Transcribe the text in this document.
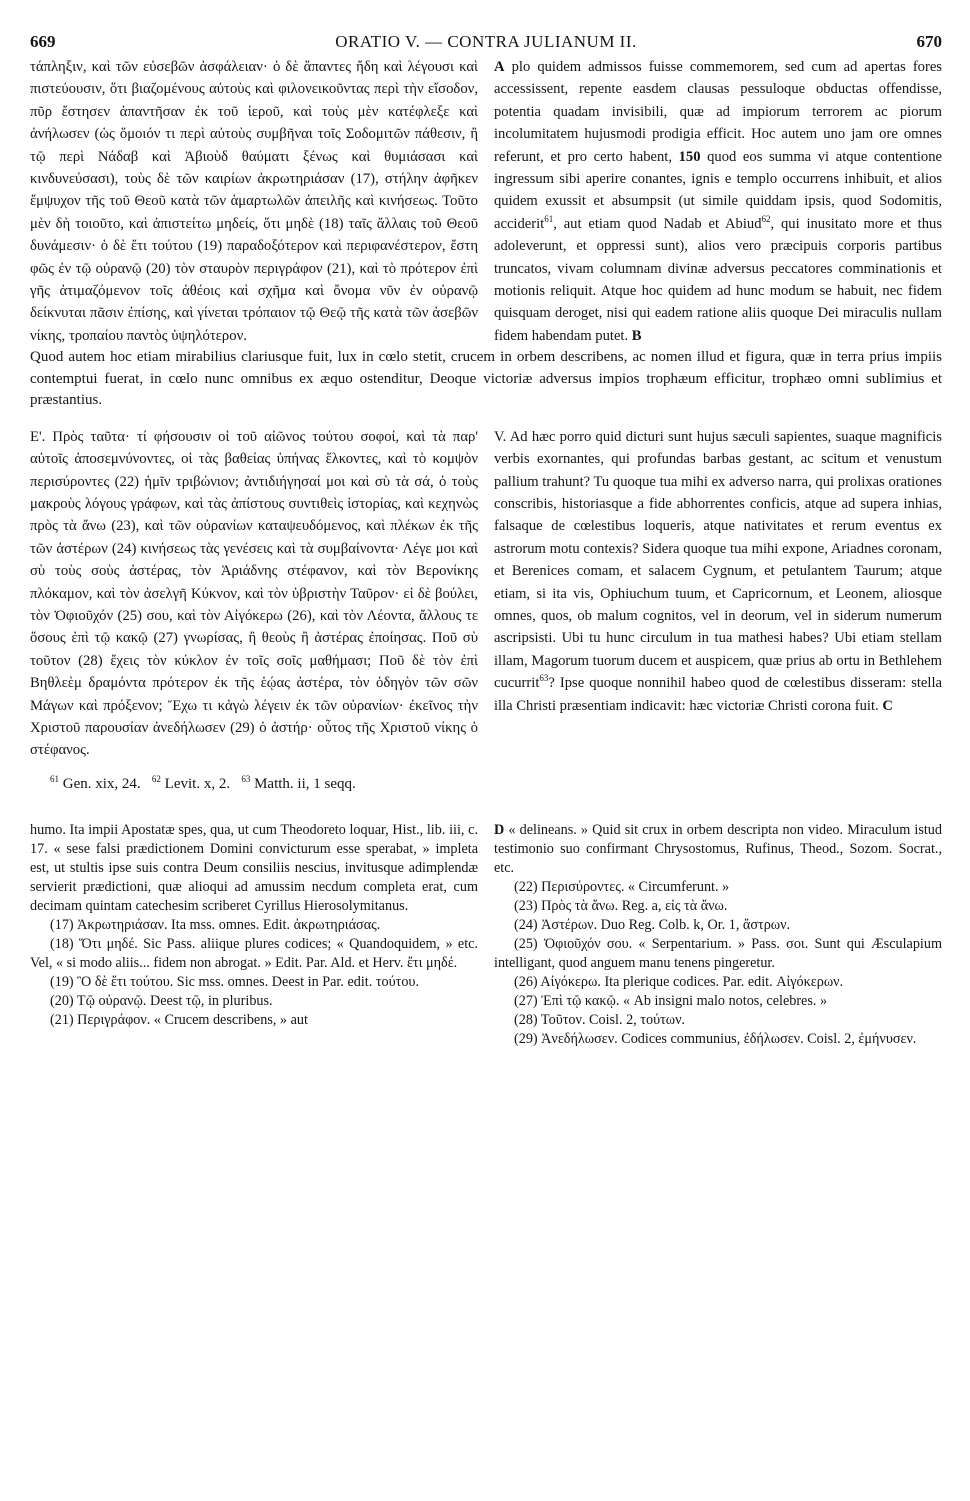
669	ORATIO V. — CONTRA JULIANUM II.	670
τάπληξιν, καὶ τῶν εὐσεβῶν ἀσφάλειαν· ὁ δὲ ἅπαντες ἤδη καὶ λέγουσι καὶ πιστεύουσιν, ὅτι βιαζομένους αὐτοὺς καὶ φιλονεικοῦντας περὶ τὴν εἴσοδον, πῦρ ἔστησεν ἀπαντῆσαν ἐκ τοῦ ἱεροῦ, καὶ τοὺς μὲν κατέφλεξε καὶ ἀνήλωσεν (ὡς ὅμοιόν τι περὶ αὐτοὺς συμβῆναι τοῖς Σοδομιτῶν πάθεσιν, ἢ τῷ περὶ Νάδαβ καὶ Ἀβιοὺδ θαύματι ξένως καὶ θυμιάσασι καὶ κινδυνεύσασι), τοὺς δὲ τῶν καιρίων ἀκρωτηριάσαν (17), στήλην ἀφῆκεν ἔμψυχον τῆς τοῦ Θεοῦ κατὰ τῶν ἁμαρτωλῶν ἀπειλῆς καὶ κινήσεως. Τοῦτο μὲν δὴ τοιοῦτο, καὶ ἀπιστείτω μηδείς, ὅτι μηδὲ (18) ταῖς ἄλλαις τοῦ Θεοῦ δυνάμεσιν· ὁ δὲ ἔτι τούτου (19) παραδοξότερον καὶ περιφανέστερον, ἔστη φῶς ἐν τῷ οὐρανῷ (20) τὸν σταυρὸν περιγράφον (21), καὶ τὸ πρότερον ἐπὶ γῆς ἀτιμαζόμενον τοῖς ἀθέοις καὶ σχῆμα καὶ ὄνομα νῦν ἐν οὐρανῷ δείκνυται πᾶσιν ἐπίσης, καὶ γίνεται τρόπαιον τῷ Θεῷ τῆς κατὰ τῶν ἀσεβῶν νίκης, τροπαίου παντὸς ὑψηλότερον.
A plo quidem admissos fuisse commemorem, sed cum ad apertas fores accessissent, repente easdem clausas pessuloque obductas offendisse, potentia quadam invisibili, quæ ad impiorum terrorem ac piorum incolumitatem hujusmodi prodigia efficit. Hoc autem uno jam ore omnes referunt, et pro certo habent, 150 quod eos summa vi atque contentione ingressum sibi aperire conantes, ignis e templo occurrens inhibuit, et alios quidem exussit et absumpsit (ut simile quiddam ipsis, quod Sodomitis, acciderit$^{61}$, aut etiam quod Nadab et Abiud$^{62}$, qui inusitato more et thus adoleverunt, et oppressi sunt), alios vero præcipuis corporis partibus truncatos, vivam columnam divinæ adversus peccatores comminationis et motionis reliquit. Atque hoc quidem ad hunc modum se habuit, nec fidem quisquam deroget, nisi qui eadem ratione aliis quoque Dei miraculis nullam fidem habendam putet. B

Quod autem hoc etiam mirabilius clariusque fuit, lux in cœlo stetit, crucem in orbem describens, ac nomen illud et figura, quæ in terra prius impiis contemptui fuerat, in cœlo nunc omnibus ex æquo ostenditur, Deoque victoriæ adversus impios trophæum efficitur, trophæo omni sublimius et præstantius.

Ε'. Πρὸς ταῦτα· τί φήσουσιν οἱ τοῦ αἰῶνος τούτου σοφοί, καὶ τὰ παρ' αὐτοῖς ἀποσεμνύνοντες, οἱ τὰς βαθείας ὑπήνας ἕλκοντες, καὶ τὸ κομψὸν περισύροντες (22) ἡμῖν τριβώνιον; ἀντιδιήγησαί μοι καὶ σὺ τὰ σά, ὁ τοὺς μακροὺς λόγους γράφων, καὶ τὰς ἀπίστους συντιθεὶς ἱστορίας, καὶ κεχηνὼς πρὸς τὰ ἄνω (23), καὶ τῶν οὐρανίων καταψευδόμενος, καὶ πλέκων ἐκ τῆς τῶν ἀστέρων (24) κινήσεως τὰς γενέσεις καὶ τὰ συμβαίνοντα· Λέγε μοι καὶ σὺ τοὺς σοὺς ἀστέρας, τὸν Ἀριάδνης στέφανον, καὶ τὸν Βερονίκης πλόκαμον, καὶ τὸν ἀσελγῆ Κύκνον, καὶ τὸν ὑβριστὴν Ταῦρον· εἰ δὲ βούλει, τὸν Ὀφιοῦχόν (25) σου, καὶ τὸν Αἰγόκερω (26), καὶ τὸν Λέοντα, ἄλλους τε ὅσους ἐπὶ τῷ κακῷ (27) γνωρίσας, ἢ θεοὺς ἢ ἀστέρας ἐποίησας. Ποῦ σὺ τοῦτον (28) ἔχεις τὸν κύκλον ἐν τοῖς σοῖς μαθήμασι; Ποῦ δὲ τὸν ἐπὶ Βηθλεὲμ δραμόντα πρότερον ἐκ τῆς ἑῴας ἀστέρα, τὸν ὁδηγὸν τῶν σῶν Μάγων καὶ πρόξενον; Ἔχω τι κἀγὼ λέγειν ἐκ τῶν οὐρανίων· ἐκεῖνος τὴν Χριστοῦ παρουσίαν ἀνεδήλωσεν (29) ὁ ἀστήρ· οὗτος τῆς Χριστοῦ νίκης ὁ στέφανος.
V. Ad hæc porro quid dicturi sunt hujus sæculi sapientes, suaque magnificis verbis exornantes, qui profundas barbas gestant, ac scitum et venustum pallium trahunt? Tu quoque tua mihi ex adverso narra, qui prolixas orationes conscribis, historiasque a fide abhorrentes conficis, atque ad supera inhias, falsaque de cœlestibus loqueris, atque nativitates et rerum eventus ex astrorum motu contexis? Sidera quoque tua mihi expone, Ariadnes coronam, et Berenices comam, et salacem Cygnum, et petulantem Taurum; atque etiam, si ita vis, Ophiuchum tuum, et Capricornum, et Leonem, aliosque omnes, quos, ob malum cognitos, vel in deorum, vel in siderum numerum ascripsisti. Ubi tu hunc circulum in tua mathesi habes? Ubi etiam stellam illam, Magorum tuorum ducem et auspicem, quæ prius ab ortu in Bethlehem cucurrit$^{63}$? Ipse quoque nonnihil habeo quod de cœlestibus disseram: stella illa Christi præsentiam indicavit: hæc victoriæ Christi corona fuit. C
$^{61}$ Gen. xix, 24. $^{62}$ Levit. x, 2. $^{63}$ Matth. ii, 1 seqq.

humo. Ita impii Apostatæ spes, qua, ut cum Theodoreto loquar, Hist., lib. iii, c. 17. « sese falsi prædictionem Domini convicturum esse sperabat, » impleta est, ut stultis ipse suis contra Deum consiliis nescius, invitusque adimplendæ servierit prædictioni, quæ alioqui ad amussim necdum completa erat, cum decimam quintam catechesim scriberet Cyrillus Hierosolymitanus.

(17) Ἀκρωτηριάσαν. Ita mss. omnes. Edit. ἀκρωτηριάσας.

(18) Ὅτι μηδέ. Sic Pass. aliique plures codices; « Quandoquidem, » etc. Vel, « si modo aliis... fidem non abrogat. » Edit. Par. Ald. et Herv. ἔτι μηδέ.

(19) Ὃ δὲ ἔτι τούτου. Sic mss. omnes. Deest in Par. edit. τούτου.

(20) Τῷ οὐρανῷ. Deest τῷ, in pluribus.

(21) Περιγράφον. « Crucem describens, » aut

D « delineans. » Quid sit crux in orbem descripta non video. Miraculum istud testimonio suo confirmant Chrysostomus, Rufinus, Theod., Sozom. Socrat., etc.

(22) Περισύροντες. « Circumferunt. »

(23) Πρὸς τὰ ἄνω. Reg. a, εἰς τὰ ἄνω.

(24) Ἀστέρων. Duo Reg. Colb. k, Or. 1, ἄστρων.

(25) Ὀφιοῦχόν σου. « Serpentarium. » Pass. σοι. Sunt qui Æsculapium intelligant, quod anguem manu tenens pingeretur.

(26) Αἰγόκερω. Ita plerique codices. Par. edit. Αἰγόκερων.

(27) Ἐπὶ τῷ κακῷ. « Ab insigni malo notos, celebres. »

(28) Τοῦτον. Coisl. 2, τούτων.

(29) Ἀνεδήλωσεν. Codices communius, ἐδήλωσεν. Coisl. 2, ἐμήνυσεν.
